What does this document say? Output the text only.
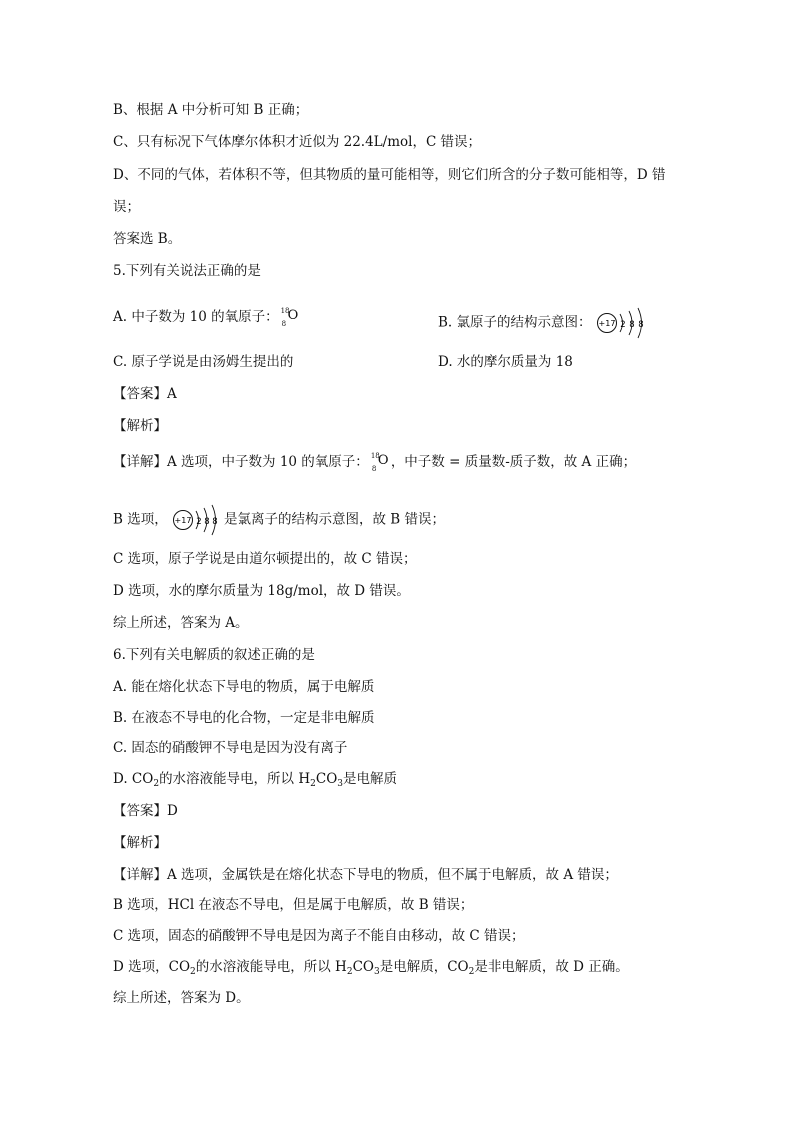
B、根据 A 中分析可知 B 正确；
C、只有标况下气体摩尔体积才近似为 22.4L/mol，C 错误；
D、不同的气体，若体积不等，但其物质的量可能相等，则它们所含的分子数可能相等，D 错
误；
答案选 B。
5.下列有关说法正确的是
A. 中子数为 10 的氧原子： 18
8
O	B. 氯原子的结构示意图： +17 2 8 8
C. 原子学说是由汤姆生提出的	D. 水的摩尔质量为 18
【答案】A
【解析】
【详解】A 选项，中子数为 10 的氧原子： 18
8
O ，中子数 = 质量数-质子数，故 A 正确；
B 选项， +17 2 8 8 是氯离子的结构示意图，故 B 错误；
C 选项，原子学说是由道尔顿提出的，故 C 错误；
D 选项，水的摩尔质量为 18g/mol，故 D 错误。
综上所述，答案为 A。
6.下列有关电解质的叙述正确的是
A. 能在熔化状态下导电的物质，属于电解质
B. 在液态不导电的化合物，一定是非电解质
C. 固态的硝酸钾不导电是因为没有离子
D. $CO_2$的水溶液能导电，所以 $H_2CO_3$是电解质
【答案】D
【解析】
【详解】A 选项，金属铁是在熔化状态下导电的物质，但不属于电解质，故 A 错误；
B 选项，HCl 在液态不导电，但是属于电解质，故 B 错误；
C 选项，固态的硝酸钾不导电是因为离子不能自由移动，故 C 错误；
D 选项，$CO_2$的水溶液能导电，所以 $H_2CO_3$是电解质，$CO_2$是非电解质，故 D 正确。
综上所述，答案为 D。
